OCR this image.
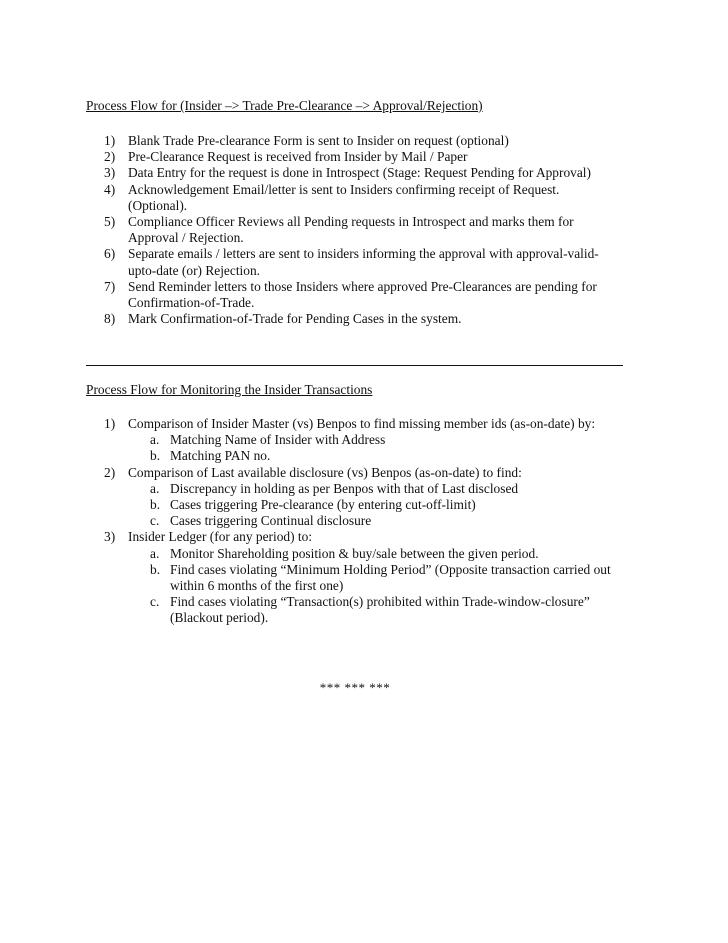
Process Flow for (Insider –> Trade Pre-Clearance –> Approval/Rejection)
1) Blank Trade Pre-clearance Form is sent to Insider on request (optional)
2) Pre-Clearance Request is received from Insider by Mail / Paper
3) Data Entry for the request is done in Introspect (Stage: Request Pending for Approval)
4) Acknowledgement Email/letter is sent to Insiders confirming receipt of Request. (Optional).
5) Compliance Officer Reviews all Pending requests in Introspect and marks them for Approval / Rejection.
6) Separate emails / letters are sent to insiders informing the approval with approval-valid-upto-date (or) Rejection.
7) Send Reminder letters to those Insiders where approved Pre-Clearances are pending for Confirmation-of-Trade.
8) Mark Confirmation-of-Trade for Pending Cases in the system.
Process Flow for Monitoring the Insider Transactions
1) Comparison of Insider Master (vs) Benpos to find missing member ids (as-on-date) by:
a. Matching Name of Insider with Address
b. Matching PAN no.
2) Comparison of Last available disclosure (vs) Benpos (as-on-date) to find:
a. Discrepancy in holding as per Benpos with that of Last disclosed
b. Cases triggering Pre-clearance (by entering cut-off-limit)
c. Cases triggering Continual disclosure
3) Insider Ledger (for any period) to:
a. Monitor Shareholding position & buy/sale between the given period.
b. Find cases violating “Minimum Holding Period” (Opposite transaction carried out within 6 months of the first one)
c. Find cases violating “Transaction(s) prohibited within Trade-window-closure” (Blackout period).
*** *** ***
